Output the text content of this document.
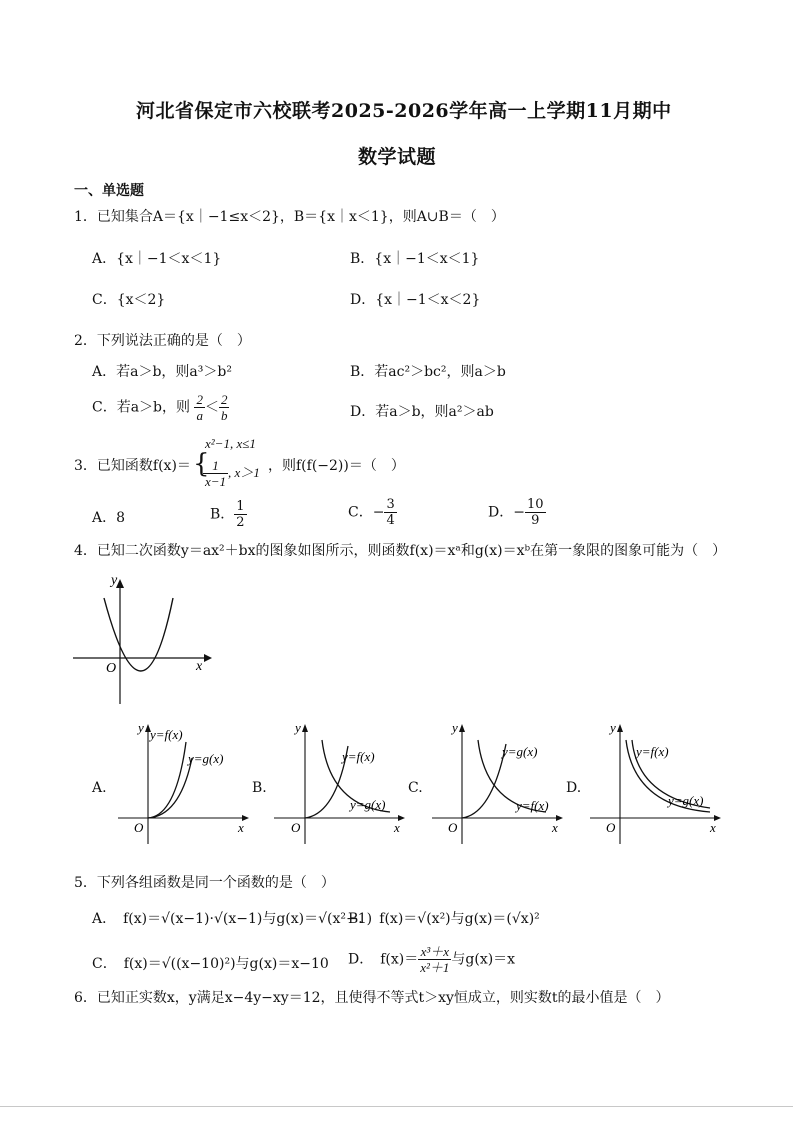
河北省保定市六校联考2025-2026学年高一上学期11月期中
数学试题
一、单选题
1．已知集合A＝{x｜−1≤x＜2}，B＝{x｜x＜1}，则A∪B＝（　）
A．{x｜−1＜x＜1}	B．{x｜−1＜x＜1}
C．{x＜2}	D．{x｜−1＜x＜2}
2．下列说法正确的是（　）
A．若a＞b，则a³＞b²	B．若ac²＞bc²，则a＞b
C．若a＞b，则 $\frac{2}{a} < \frac{2}{b}$	D．若a＞b，则a²＞ab
3．已知函数f(x)＝ {
x²−1, x≤1
$\frac{1}{x-1}$ , x＞1 ，则f(f(−2))＝（　）
A．8	B． $\frac{1}{2}$	C．− $\frac{3}{4}$	D．− $\frac{10}{9}$
4．已知二次函数y＝ax²＋bx的图象如图所示，则函数f(x)＝xᵃ和g(x)＝xᵇ在第一象限的图象可能为（　）
x
y
O
A.	B.	C.	D.
x
y
O
y=f(x)
y=g(x)
x
y
O
y=f(x)
y=g(x)
x
y
O
y=g(x)
y=f(x)
x
y
O
y=f(x)
y=g(x)
5．下列各组函数是同一个函数的是（　）
A．　f(x)＝√(x−1)·√(x−1)与g(x)＝√(x²−1)
B．　f(x)＝√(x²)与g(x)＝(√x)²
C．　f(x)＝√((x−10)²)与g(x)＝x−10 D．　$f(x)= \frac{\text{x³＋x}}{\text{x²＋1}}$ 与g(x)＝x
6．已知正实数x，y满足x−4y−xy＝12，且使得不等式t＞xy恒成立，则实数t的最小值是（　）
